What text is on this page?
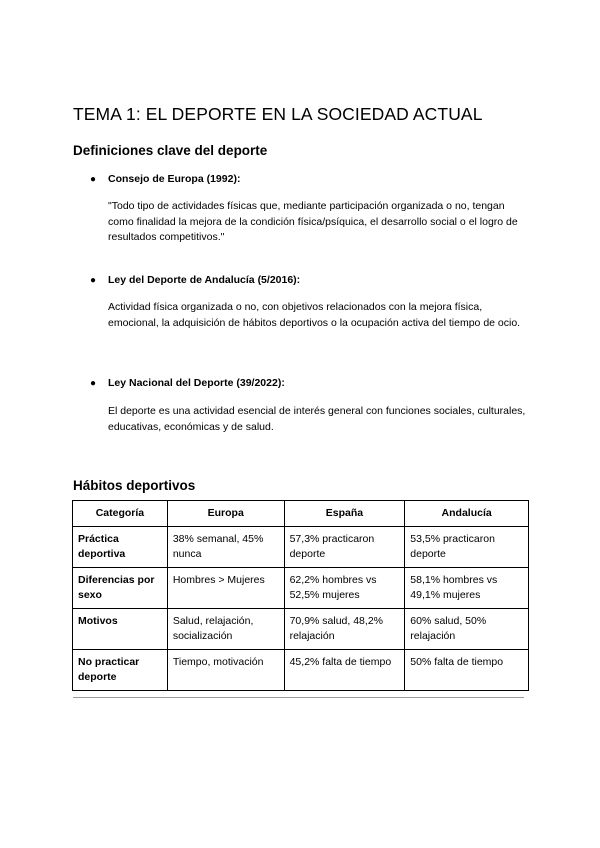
TEMA 1: EL DEPORTE EN LA SOCIEDAD ACTUAL
Definiciones clave del deporte
●	Consejo de Europa (1992) :

"Todo tipo de actividades físicas que, mediante participación organizada o no, tengan como finalidad la mejora de la condición física/psíquica, el desarrollo social o el logro de resultados competitivos."

●	Ley del Deporte de Andalucía (5/2016) :

Actividad física organizada o no, con objetivos relacionados con la mejora física, emocional, la adquisición de hábitos deportivos o la ocupación activa del tiempo de ocio.

●	Ley Nacional del Deporte (39/2022) :

El deporte es una actividad esencial de interés general con funciones sociales, culturales, educativas, económicas y de salud.

Hábitos deportivos
Categoría	Europa	España	Andalucía
Práctica deportiva	38% semanal, 45% nunca	57,3% practicaron deporte	53,5% practicaron deporte
Diferencias por sexo	Hombres > Mujeres	62,2% hombres vs 52,5% mujeres	58,1% hombres vs 49,1% mujeres
Motivos	Salud, relajación, socialización	70,9% salud, 48,2% relajación	60% salud, 50% relajación
No practicar deporte	Tiempo, motivación	45,2% falta de tiempo	50% falta de tiempo
